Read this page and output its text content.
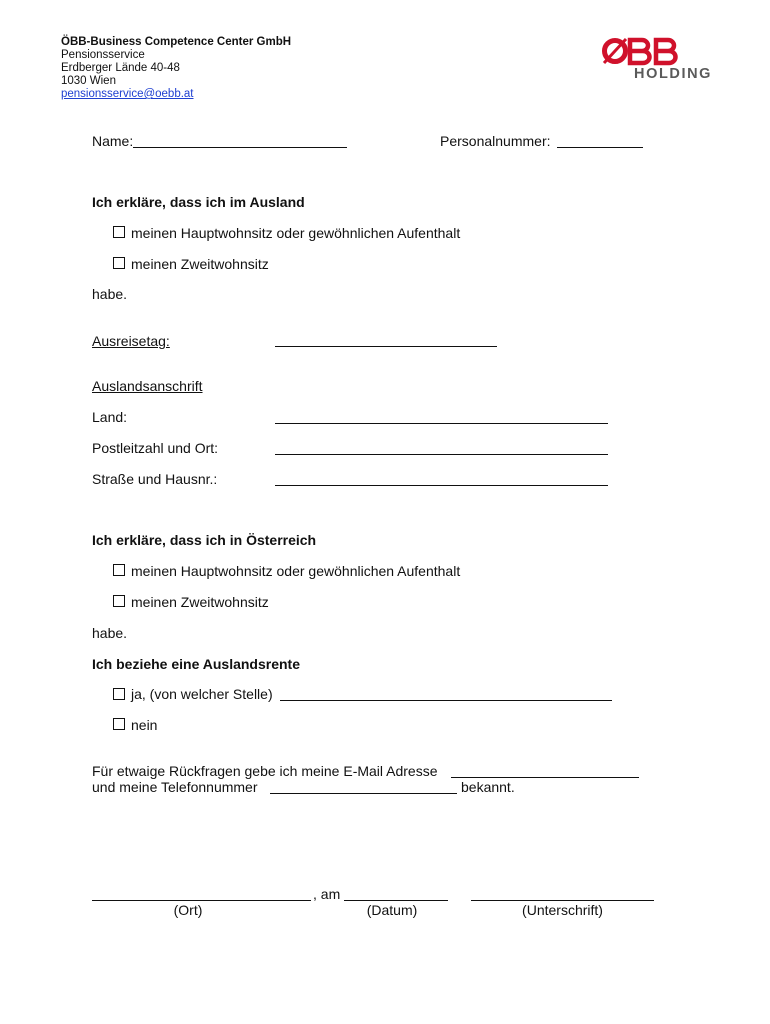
ÖBB-Business Competence Center GmbH
Pensionsservice
Erdberger Lände 40-48
1030 Wien
pensionsservice@oebb.at
HOLDING
Name:	Personalnummer:
Ich erkläre, dass ich im Ausland
meinen Hauptwohnsitz oder gewöhnlichen Aufenthalt
meinen Zweitwohnsitz
habe.
Ausreisetag:
Auslandsanschrift
Land:
Postleitzahl und Ort:
Straße und Hausnr.:
Ich erkläre, dass ich in Österreich
meinen Hauptwohnsitz oder gewöhnlichen Aufenthalt
meinen Zweitwohnsitz
habe.
Ich beziehe eine Auslandsrente
ja, (von welcher Stelle)
nein
Für etwaige Rückfragen gebe ich meine E-Mail Adresse
und meine Telefonnummer	bekannt.
, am
(Ort)	(Datum)	(Unterschrift)
